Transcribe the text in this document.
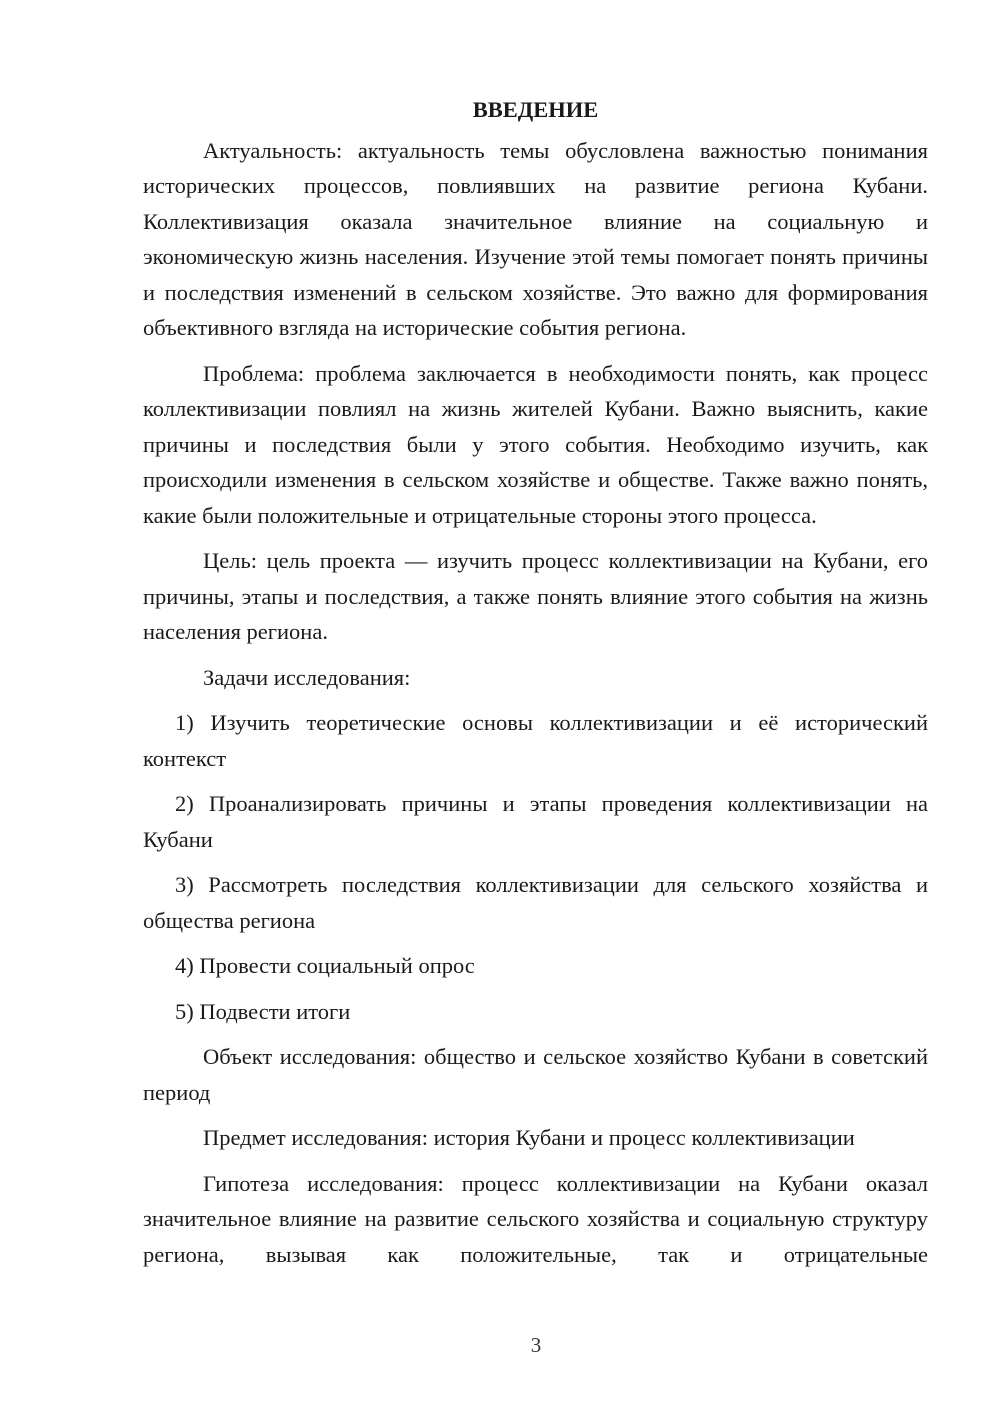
ВВЕДЕНИЕ

Актуальность: актуальность темы обусловлена важностью понимания исторических процессов, повлиявших на развитие региона Кубани. Коллективизация оказала значительное влияние на социальную и экономическую жизнь населения. Изучение этой темы помогает понять причины и последствия изменений в сельском хозяйстве. Это важно для формирования объективного взгляда на исторические события региона.

Проблема: проблема заключается в необходимости понять, как процесс коллективизации повлиял на жизнь жителей Кубани. Важно выяснить, какие причины и последствия были у этого события. Необходимо изучить, как происходили изменения в сельском хозяйстве и обществе. Также важно понять, какие были положительные и отрицательные стороны этого процесса.

Цель: цель проекта — изучить процесс коллективизации на Кубани, его причины, этапы и последствия, а также понять влияние этого события на жизнь населения региона.

Задачи исследования:

1) Изучить теоретические основы коллективизации и её исторический контекст

2) Проанализировать причины и этапы проведения коллективизации на Кубани

3) Рассмотреть последствия коллективизации для сельского хозяйства и общества региона

4) Провести социальный опрос

5) Подвести итоги

Объект исследования: общество и сельское хозяйство Кубани в советский период

Предмет исследования: история Кубани и процесс коллективизации

Гипотеза исследования: процесс коллективизации на Кубани оказал значительное влияние на развитие сельского хозяйства и социальную структуру региона, вызывая как положительные, так и отрицательные

3
